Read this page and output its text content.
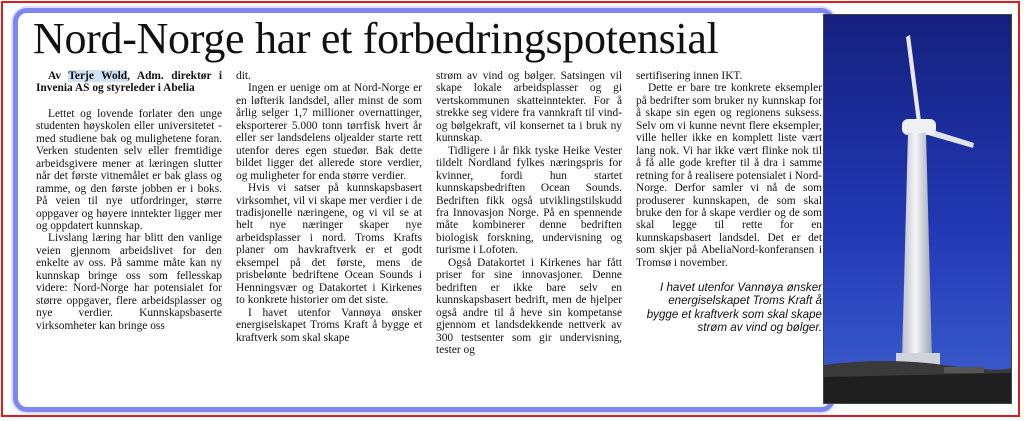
Nord-Norge har et forbedringspotensial

Av Terje Wold, Adm. direktør i Invenia AS og styreleder i Abelia

Lettet og lovende forlater den unge studenten høyskolen eller universitetet - med studiene bak og mulighetene foran. Verken studenten selv eller fremtidige arbeidsgivere mener at læringen slutter når det første vitnemålet er bak glass og ramme, og den første jobben er i boks. På veien til nye utfordringer, større oppgaver og høyere inntekter ligger mer og oppdatert kunnskap.

Livslang læring har blitt den vanlige veien gjennom arbeidslivet for den enkelte av oss. På samme måte kan ny kunnskap bringe oss som fellesskap videre: Nord-Norge har potensialet for større oppgaver, flere arbeidsplasser og nye verdier. Kunnskapsbaserte virksomheter kan bringe oss

dit.

Ingen er uenige om at Nord-Norge er en løfterik landsdel, aller minst de som årlig selger 1,7 millioner overnattinger, eksporterer 5.000 tonn tørrfisk hvert år eller ser landsdelens oljealder starte rett utenfor deres egen stuedør. Bak dette bildet ligger det allerede store verdier, og muligheter for enda større verdier.

Hvis vi satser på kunnskapsbasert virksomhet, vil vi skape mer verdier i de tradisjonelle næringene, og vi vil se at helt nye næringer skaper nye arbeidsplasser i nord. Troms Krafts planer om havkraftverk er et godt eksempel på det første, mens de prisbelønte bedriftene Ocean Sounds i Henningsvær og Datakortet i Kirkenes to konkrete historier om det siste.

I havet utenfor Vannøya ønsker energiselskapet Troms Kraft å bygge et kraftverk som skal skape

strøm av vind og bølger. Satsingen vil skape lokale arbeidsplasser og gi vertskommunen skatteinntekter. For å strekke seg videre fra vannkraft til vind- og bølgekraft, vil konsernet ta i bruk ny kunnskap.

Tidligere i år fikk tyske Heike Vester tildelt Nordland fylkes næringspris for kvinner, fordi hun startet kunnskapsbedriften Ocean Sounds. Bedriften fikk også utviklingstilskudd fra Innovasjon Norge. På en spennende måte kombinerer denne bedriften biologisk forskning, undervisning og turisme i Lofoten.

Også Datakortet i Kirkenes har fått priser for sine innovasjoner. Denne bedriften er ikke bare selv en kunnskapsbasert bedrift, men de hjelper også andre til å heve sin kompetanse gjennom et landsdekkende nettverk av 300 testsenter som gir undervisning, tester og

sertifisering innen IKT.

Dette er bare tre konkrete eksempler på bedrifter som bruker ny kunnskap for å skape sin egen og regionens suksess. Selv om vi kunne nevnt flere eksempler, ville heller ikke en komplett liste vært lang nok. Vi har ikke vært flinke nok til å få alle gode krefter til å dra i samme retning for å realisere potensialet i Nord-Norge. Derfor samler vi nå de som produserer kunnskapen, de som skal bruke den for å skape verdier og de som skal legge til rette for en kunnskapsbasert landsdel. Det er det som skjer på AbeliaNord-konferansen i Tromsø i november.

I havet utenfor Vannøya ønsker energiselskapet Troms Kraft å bygge et kraftverk som skal skape strøm av vind og bølger.
